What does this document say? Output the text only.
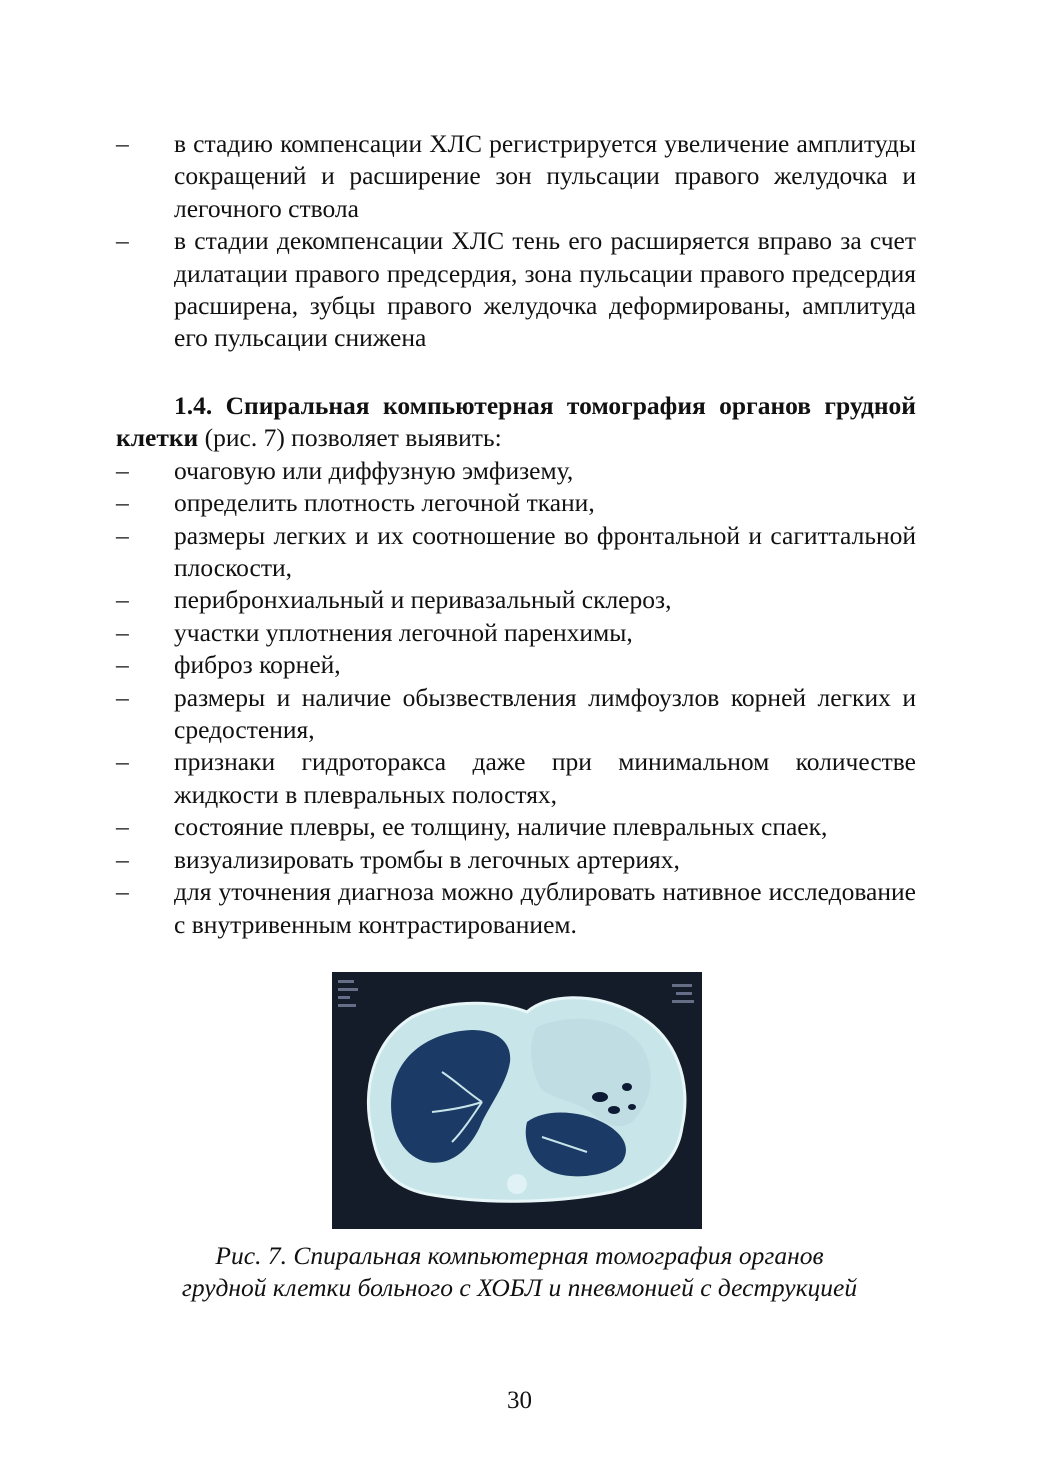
–	в стадию компенсации ХЛС регистрируется увеличение амплитуды сокращений и расширение зон пульсации правого желудочка и легочного ствола
–	в стадии декомпенсации ХЛС тень его расширяется вправо за счет дилатации правого предсердия, зона пульсации правого предсердия расширена, зубцы правого желудочка деформированы, амплитуда его пульсации снижена

1.4. Спиральная компьютерная томография органов грудной клетки (рис. 7) позволяет выявить:

–	очаговую или диффузную эмфизему,
–	определить плотность легочной ткани,
–	размеры легких и их соотношение во фронтальной и сагиттальной плоскости,
–	перибронхиальный и периваз​альный склероз,
–	участки уплотнения легочной паренхимы,
–	фиброз корней,
–	размеры и наличие обызвествления лимфоузлов корней легких и средостения,
–	признаки гидроторакса даже при минимальном количестве жидкости в плевральных полостях,
–	состояние плевры, ее толщину, наличие плевральных спаек,
–	визуализировать тромбы в легочных артериях,
–	для уточнения диагноза можно дублировать нативное исследование с внутривенным контрастированием.
Рис. 7. Спиральная компьютерная томография органов
грудной клетки больного с ХОБЛ и пневмонией с деструкцией
30
